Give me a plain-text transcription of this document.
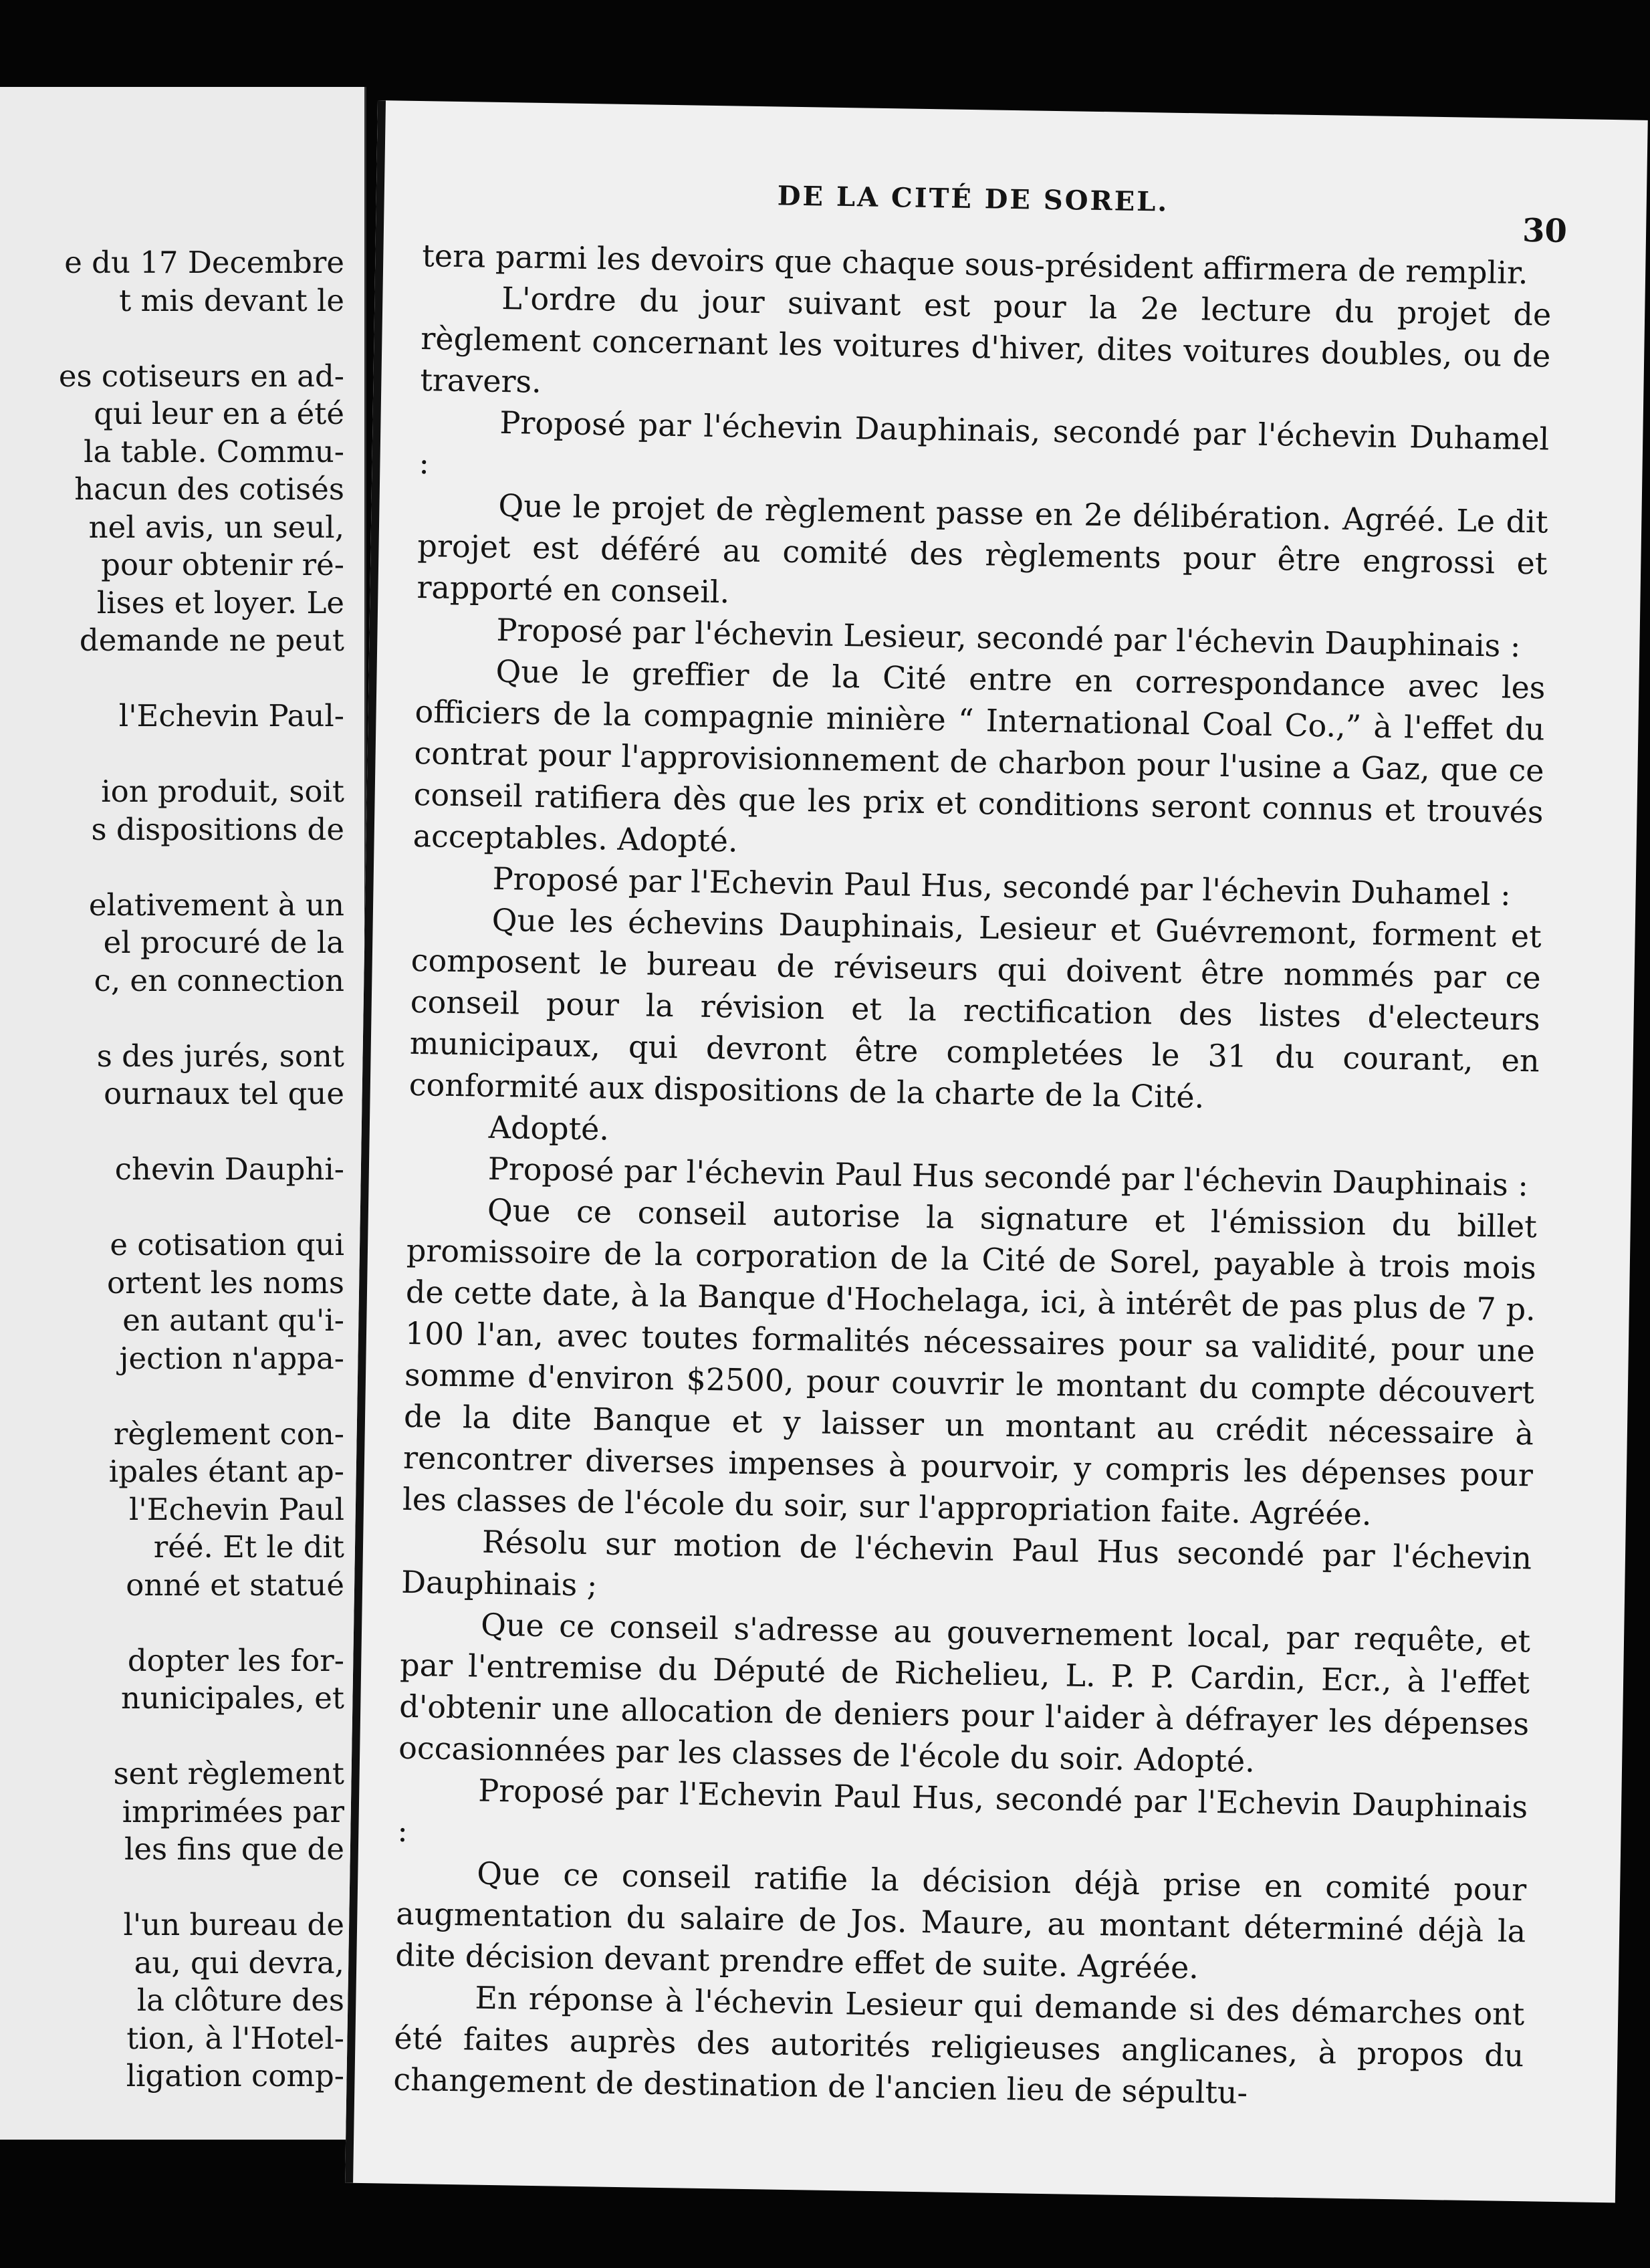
e du 17 Decembre
t mis devant le
es cotiseurs en ad-
qui leur en a été
la table. Commu-
hacun des cotisés
nel avis, un seul,
pour obtenir ré-
lises et loyer. Le
demande ne peut
l'Echevin Paul-
ion produit, soit
s dispositions de
elativement à un
el procuré de la
c, en connection
s des jurés, sont
ournaux tel que
chevin Dauphi-
e cotisation qui
ortent les noms
en autant qu'i-
jection n'appa-
règlement con-
ipales étant ap-
l'Echevin Paul
réé. Et le dit
onné et statué
dopter les for-
nunicipales, et
sent règlement
imprimées par
les fins que de
l'un bureau de
au, qui devra,
la clôture des
tion, à l'Hotel-
ligation comp-
DE LA CITÉ DE SOREL.
30

tera parmi les devoirs que chaque sous-président affirmera de remplir.

L'ordre du jour suivant est pour la 2e lecture du projet de règlement concernant les voitures d'hiver, dites voitures doubles, ou de travers.

Proposé par l'échevin Dauphinais, secondé par l'échevin Duhamel :

Que le projet de règlement passe en 2e délibération. Agréé. Le dit projet est déféré au comité des règlements pour être engrossi et rapporté en conseil.

Proposé par l'échevin Lesieur, secondé par l'échevin Dauphinais :

Que le greffier de la Cité entre en correspondance avec les officiers de la compagnie minière “ International Coal Co.,” à l'effet du contrat pour l'approvisionnement de charbon pour l'usine a Gaz, que ce conseil ratifiera dès que les prix et conditions seront connus et trouvés acceptables. Adopté.

Proposé par l'Echevin Paul Hus, secondé par l'échevin Duhamel :

Que les échevins Dauphinais, Lesieur et Guévremont, forment et composent le bureau de réviseurs qui doivent être nommés par ce conseil pour la révision et la rectification des listes d'electeurs municipaux, qui devront être completées le 31 du courant, en conformité aux dispositions de la charte de la Cité.

Adopté.

Proposé par l'échevin Paul Hus secondé par l'échevin Dauphinais :

Que ce conseil autorise la signature et l'émission du billet promissoire de la corporation de la Cité de Sorel, payable à trois mois de cette date, à la Banque d'Hochelaga, ici, à intérêt de pas plus de 7 p. 100 l'an, avec toutes formalités nécessaires pour sa validité, pour une somme d'environ $2500, pour couvrir le montant du compte découvert de la dite Banque et y laisser un montant au crédit nécessaire à rencontrer diverses impenses à pourvoir, y compris les dépenses pour les classes de l'école du soir, sur l'appropriation faite. Agréée.

Résolu sur motion de l'échevin Paul Hus secondé par l'échevin Dauphinais ;

Que ce conseil s'adresse au gouvernement local, par requête, et par l'entremise du Député de Richelieu, L. P. P. Cardin, Ecr., à l'effet d'obtenir une allocation de deniers pour l'aider à défrayer les dépenses occasionnées par les classes de l'école du soir. Adopté.

Proposé par l'Echevin Paul Hus, secondé par l'Echevin Dauphinais :

Que ce conseil ratifie la décision déjà prise en comité pour augmentation du salaire de Jos. Maure, au montant déterminé déjà la dite décision devant prendre effet de suite. Agréée.

En réponse à l'échevin Lesieur qui demande si des démarches ont été faites auprès des autorités religieuses anglicanes, à propos du changement de destination de l'ancien lieu de sépultu-
